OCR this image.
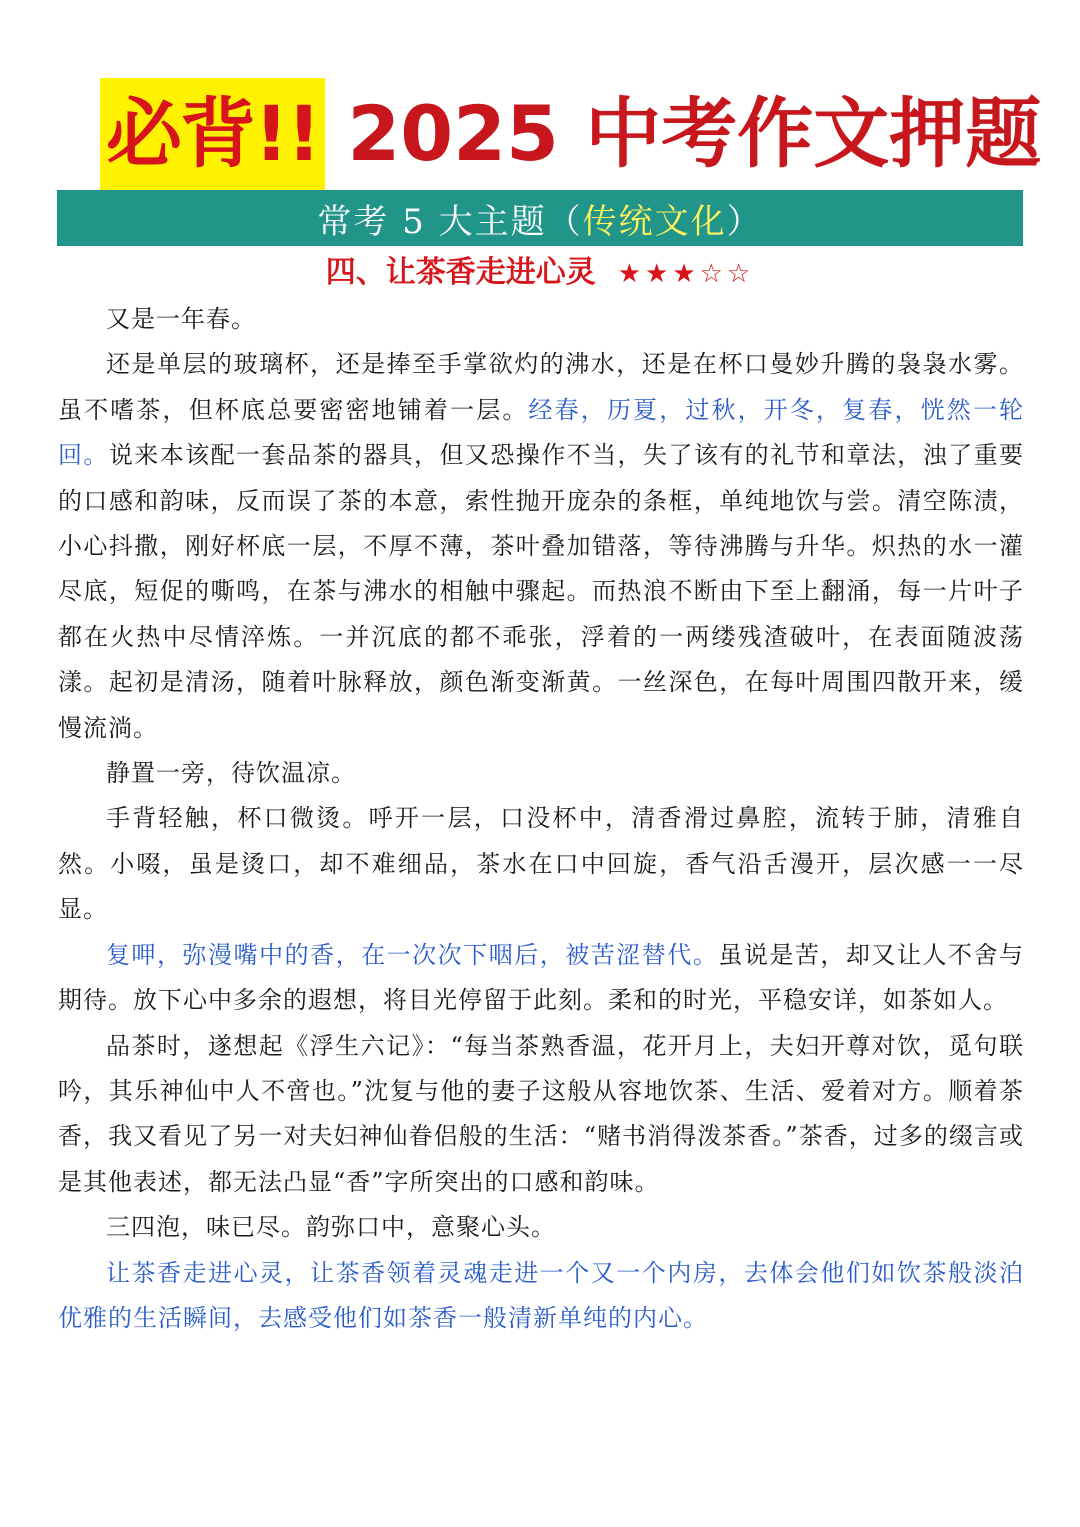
必背!! 2025 中考作文押题
常考 5 大主题（ 传统文化 ）
四、让茶香走进心灵 ★★★☆☆

又是一年春。

还是单层的玻璃杯，还是捧至手掌欲灼的沸水，还是在杯口曼妙升腾的袅袅水雾。虽不嗜茶，但杯底总要密密地铺着一层。经春，历夏，过秋，开冬，复春，恍然一轮回。说来本该配一套品茶的器具，但又恐操作不当，失了该有的礼节和章法，浊了重要的口感和韵味，反而误了茶的本意，索性抛开庞杂的条框，单纯地饮与尝。清空陈渍，小心抖撒，刚好杯底一层，不厚不薄，茶叶叠加错落，等待沸腾与升华。炽热的水一灌尽底，短促的嘶鸣，在茶与沸水的相触中骤起。而热浪不断由下至上翻涌，每一片叶子都在火热中尽情淬炼。一并沉底的都不乖张，浮着的一两缕残渣破叶，在表面随波荡漾。起初是清汤，随着叶脉释放，颜色渐变渐黄。一丝深色，在每叶周围四散开来，缓慢流淌。

静置一旁，待饮温凉。

手背轻触，杯口微烫。呼开一层，口没杯中，清香滑过鼻腔，流转于肺，清雅自然。小啜，虽是烫口，却不难细品，茶水在口中回旋，香气沿舌漫开，层次感一一尽显。

复呷，弥漫嘴中的香，在一次次下咽后，被苦涩替代。虽说是苦，却又让人不舍与期待。放下心中多余的遐想，将目光停留于此刻。柔和的时光，平稳安详，如茶如人。

品茶时，遂想起《浮生六记》：“每当茶熟香温，花开月上，夫妇开尊对饮，觅句联吟，其乐神仙中人不啻也。”沈复与他的妻子这般从容地饮茶、生活、爱着对方。顺着茶香，我又看见了另一对夫妇神仙眷侣般的生活：“赌书消得泼茶香。”茶香，过多的缀言或是其他表述，都无法凸显“香”字所突出的口感和韵味。

三四泡，味已尽。韵弥口中，意聚心头。

让茶香走进心灵，让茶香领着灵魂走进一个又一个内房，去体会他们如饮茶般淡泊优雅的生活瞬间，去感受他们如茶香一般清新单纯的内心。
